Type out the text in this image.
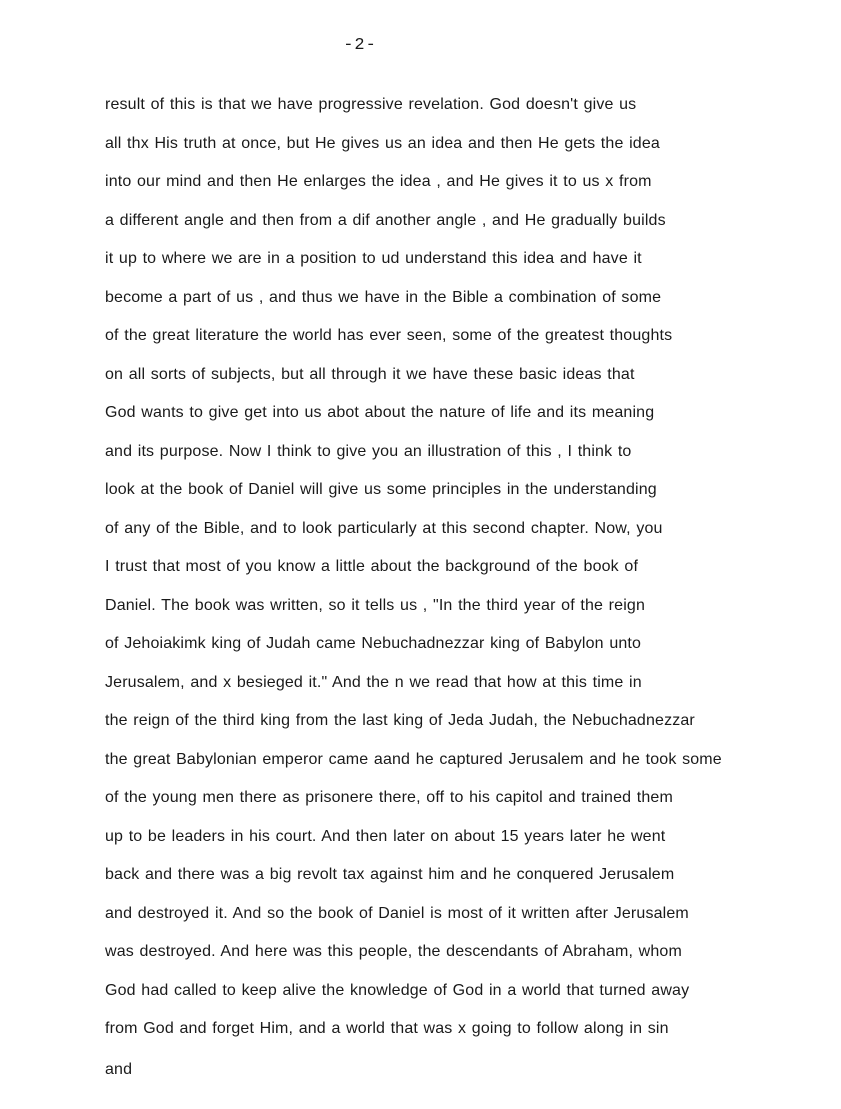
-2-
result of this is that we have progressive revelation. God doesn't give us
all thx His truth at once, but He gives us an idea and then He gets the idea
into our mind and then He enlarges the idea , and He gives it to us x from
a different angle and then from a dif another angle , and He gradually builds
it up to where we are in a position to ud understand this idea and have it
become a part of us , and thus we have in the Bible a combination of some
of the great literature the world has ever seen, some of the greatest thoughts
on all sorts of subjects, but all through it we have these basic ideas that
God wants to give get into us abot about the nature of life and its meaning
and its purpose. Now I think to give you an illustration of this , I think to
look at the book of Daniel will give us some principles in the understanding
of any of the Bible, and to look particularly at this second chapter. Now, you
I trust that most of you know a little about the background of the book of
Daniel. The book was written, so it tells us , "In the third year of the reign
of Jehoiakimk king of Judah came Nebuchadnezzar king of Babylon unto
Jerusalem, and x besieged it." And the n we read that how at this time in
the reign of the third king from the last king of Jeda Judah, the Nebuchadnezzar
the great Babylonian emperor came aand he captured Jerusalem and he took some
of the young men there as prisonere there, off to his capitol and trained them
up to be leaders in his court. And then later on about 15 years later he went
back and there was a big revolt tax against him and he conquered Jerusalem
and destroyed it. And so the book of Daniel is most of it written after Jerusalem
was destroyed. And here was this people, the descendants of Abraham, whom
God had called to keep alive the knowledge of God in a world that turned away
from God and forget Him, and a world that was x going to follow along in sin
and
